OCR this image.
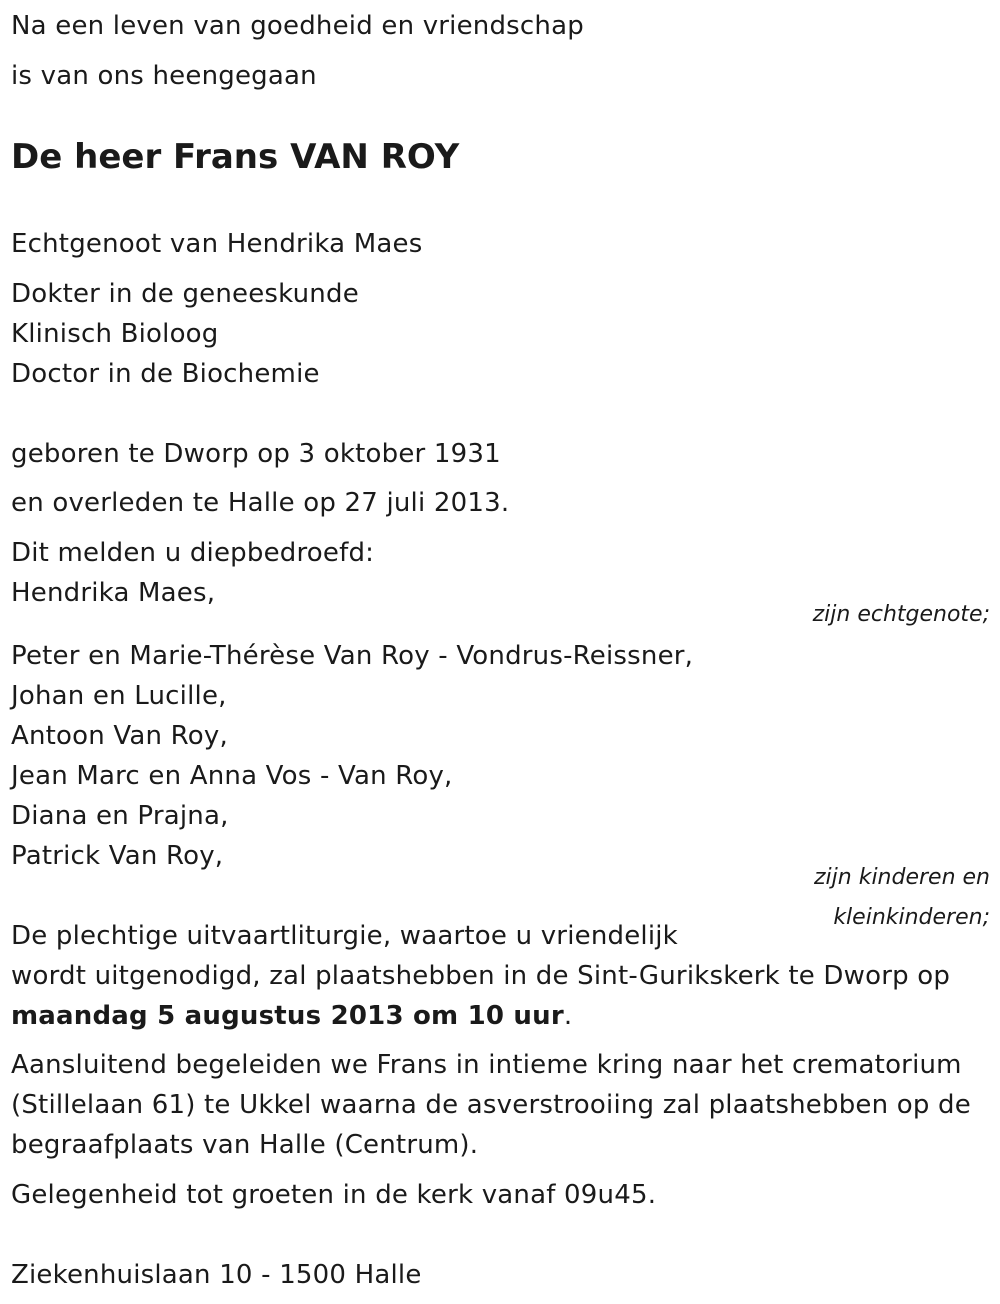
Na een leven van goedheid en vriendschap
is van ons heengegaan
De heer Frans VAN ROY
Echtgenoot van Hendrika Maes
Dokter in de geneeskunde
Klinisch Bioloog
Doctor in de Biochemie
geboren te Dworp op 3 oktober 1931
en overleden te Halle op 27 juli 2013.
Dit melden u diepbedroefd:
Hendrika Maes,
zijn echtgenote;
Peter en Marie-Thérèse Van Roy - Vondrus-Reissner,
Johan en Lucille,
Antoon Van Roy,
Jean Marc en Anna Vos - Van Roy,
Diana en Prajna,
Patrick Van Roy,
zijn kinderen en
kleinkinderen;
De plechtige uitvaartliturgie, waartoe u vriendelijk
wordt uitgenodigd, zal plaatshebben in de Sint-Gurikskerk te Dworp op
maandag 5 augustus 2013 om 10 uur.
Aansluitend begeleiden we Frans in intieme kring naar het crematorium
(Stillelaan 61) te Ukkel waarna de asverstrooiing zal plaatshebben op de
begraafplaats van Halle (Centrum).
Gelegenheid tot groeten in de kerk vanaf 09u45.
Ziekenhuislaan 10 - 1500 Halle
